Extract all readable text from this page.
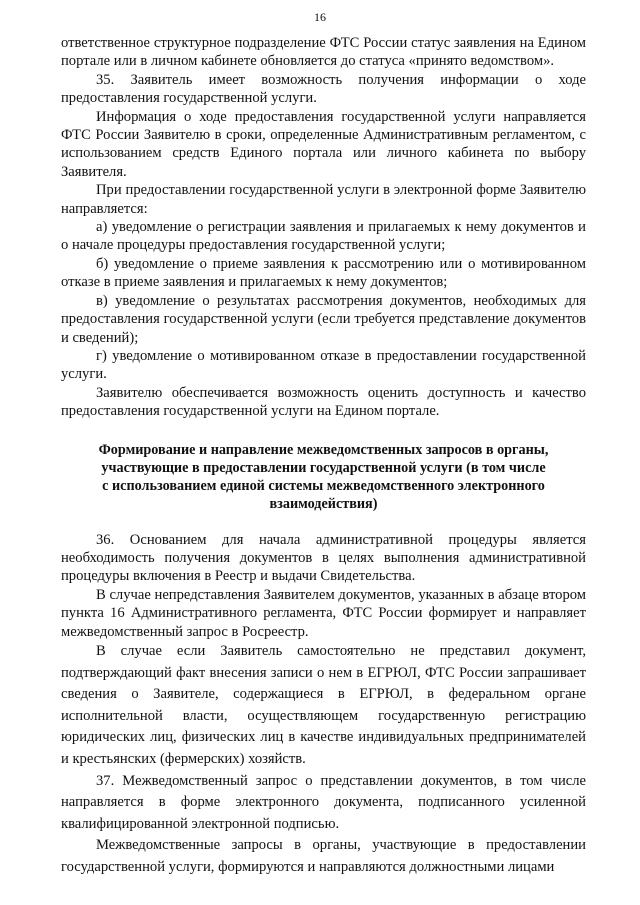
16

ответственное структурное подразделение ФТС России статус заявления на Едином портале или в личном кабинете обновляется до статуса «принято ведомством».

35. Заявитель имеет возможность получения информации о ходе предоставления государственной услуги.

Информация о ходе предоставления государственной услуги направляется ФТС России Заявителю в сроки, определенные Административным регламентом, с использованием средств Единого портала или личного кабинета по выбору Заявителя.

При предоставлении государственной услуги в электронной форме Заявителю направляется:

а) уведомление о регистрации заявления и прилагаемых к нему документов и о начале процедуры предоставления государственной услуги;

б) уведомление о приеме заявления к рассмотрению или о мотивированном отказе в приеме заявления и прилагаемых к нему документов;

в) уведомление о результатах рассмотрения документов, необходимых для предоставления государственной услуги (если требуется представление документов и сведений);

г) уведомление о мотивированном отказе в предоставлении государственной услуги.

Заявителю обеспечивается возможность оценить доступность и качество предоставления государственной услуги на Едином портале.

Формирование и направление межведомственных запросов в органы,
участвующие в предоставлении государственной услуги (в том числе
с использованием единой системы межведомственного электронного
взаимодействия)

36. Основанием для начала административной процедуры является необходимость получения документов в целях выполнения административной процедуры включения в Реестр и выдачи Свидетельства.

В случае непредставления Заявителем документов, указанных в абзаце втором пункта 16 Административного регламента, ФТС России формирует и направляет межведомственный запрос в Росреестр.

В случае если Заявитель самостоятельно не представил документ, подтверждающий факт внесения записи о нем в ЕГРЮЛ, ФТС России запрашивает сведения о Заявителе, содержащиеся в ЕГРЮЛ, в федеральном органе исполнительной власти, осуществляющем государственную регистрацию юридических лиц, физических лиц в качестве индивидуальных предпринимателей и крестьянских (фермерских) хозяйств.

37. Межведомственный запрос о представлении документов, в том числе направляется в форме электронного документа, подписанного усиленной квалифицированной электронной подписью.

Межведомственные запросы в органы, участвующие в предоставлении государственной услуги, формируются и направляются должностными лицами
